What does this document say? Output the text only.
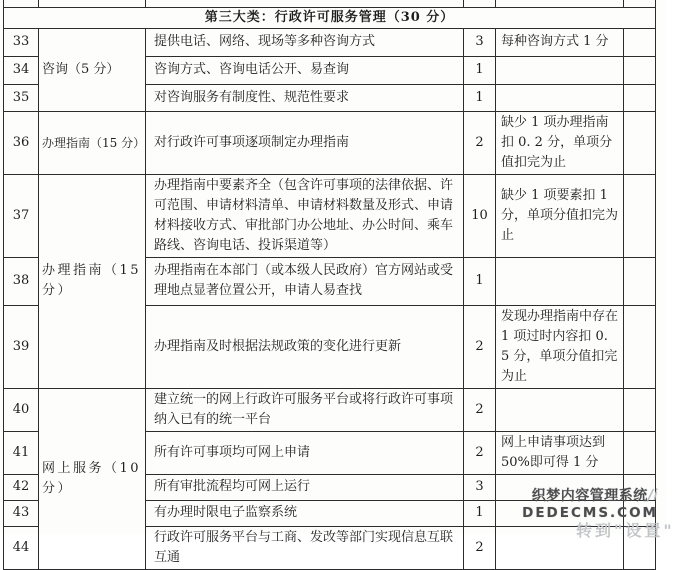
第三大类：行政许可服务管理（30 分）					
33	咨询（5 分）	提供电话、网络、现场等多种咨询方式	3	每种咨询方式 1 分	
34		咨询方式、咨询电话公开、易查询	1		
35		对咨询服务有制度性、规范性要求	1		
36	办理指南（15 分）	对行政许可事项逐项制定办理指南	2	缺少 1 项办理指南扣 0. 2 分，单项分值扣完为止	
37	办理指南（15 分）	办理指南中要素齐全（包含许可事项的法律依据、许可范围、申请材料清单、申请材料数量及形式、申请材料接收方式、审批部门办公地址、办公时间、乘车路线、咨询电话、投诉渠道等）	10	缺少 1 项要素扣 1 分，单项分值扣完为止	
38		办理指南在本部门（或本级人民政府）官方网站或受理地点显著位置公开，申请人易查找	1		
39		办理指南及时根据法规政策的变化进行更新	2	发现办理指南中存在 1 项过时内容扣 0. 5 分，单项分值扣完为止	
40	网上服务（10 分）	建立统一的网上行政许可服务平台或将行政许可事项纳入已有的统一平台	2		
41		所有许可事项均可网上申请	2	网上申请事项达到 50%即可得 1 分	
42		所有审批流程均可网上运行	3		
43		有办理时限电子监察系统	1		
44		行政许可服务平台与工商、发改等部门实现信息互联互通	2		
织梦内容管理系统/i
DEDECMS.COM
转到"设置"
